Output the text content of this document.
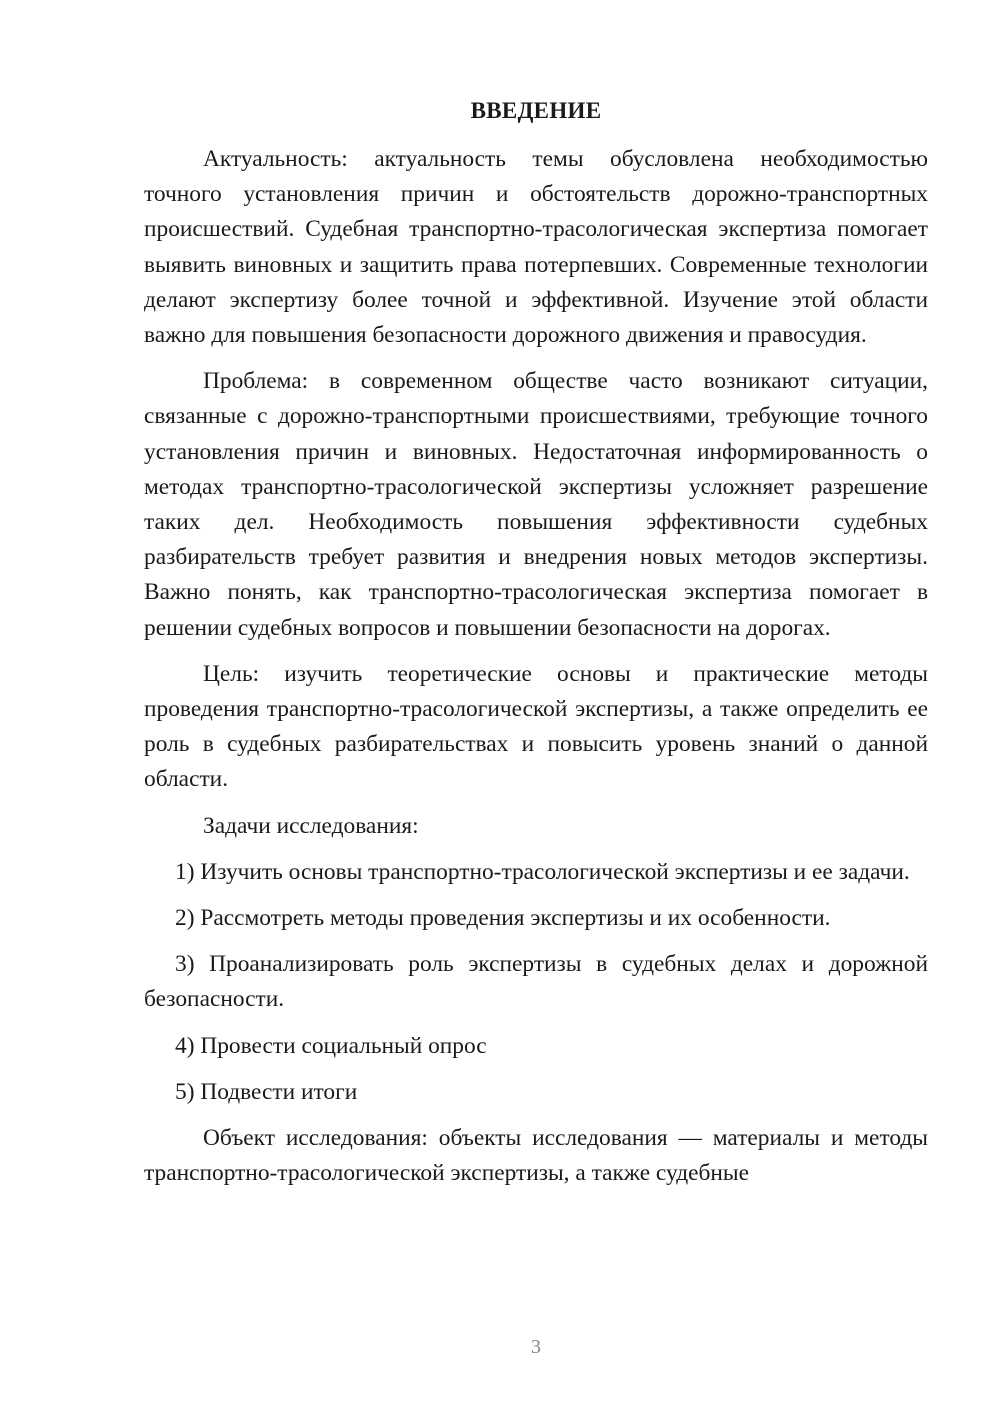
ВВЕДЕНИЕ

Актуальность: актуальность темы обусловлена необходимостью точного установления причин и обстоятельств дорожно-транспортных происшествий. Судебная транспортно-трасологическая экспертиза помогает выявить виновных и защитить права потерпевших. Современные технологии делают экспертизу более точной и эффективной. Изучение этой области важно для повышения безопасности дорожного движения и правосудия.

Проблема: в современном обществе часто возникают ситуации, связанные с дорожно-транспортными происшествиями, требующие точного установления причин и виновных. Недостаточная информированность о методах транспортно-трасологической экспертизы усложняет разрешение таких дел. Необходимость повышения эффективности судебных разбирательств требует развития и внедрения новых методов экспертизы. Важно понять, как транспортно-трасологическая экспертиза помогает в решении судебных вопросов и повышении безопасности на дорогах.

Цель: изучить теоретические основы и практические методы проведения транспортно-трасологической экспертизы, а также определить ее роль в судебных разбирательствах и повысить уровень знаний о данной области.

Задачи исследования:

1) Изучить основы транспортно-трасологической экспертизы и ее задачи.

2) Рассмотреть методы проведения экспертизы и их особенности.

3) Проанализировать роль экспертизы в судебных делах и дорожной безопасности.

4) Провести социальный опрос

5) Подвести итоги

Объект исследования: объекты исследования — материалы и методы транспортно-трасологической экспертизы, а также судебные

3
